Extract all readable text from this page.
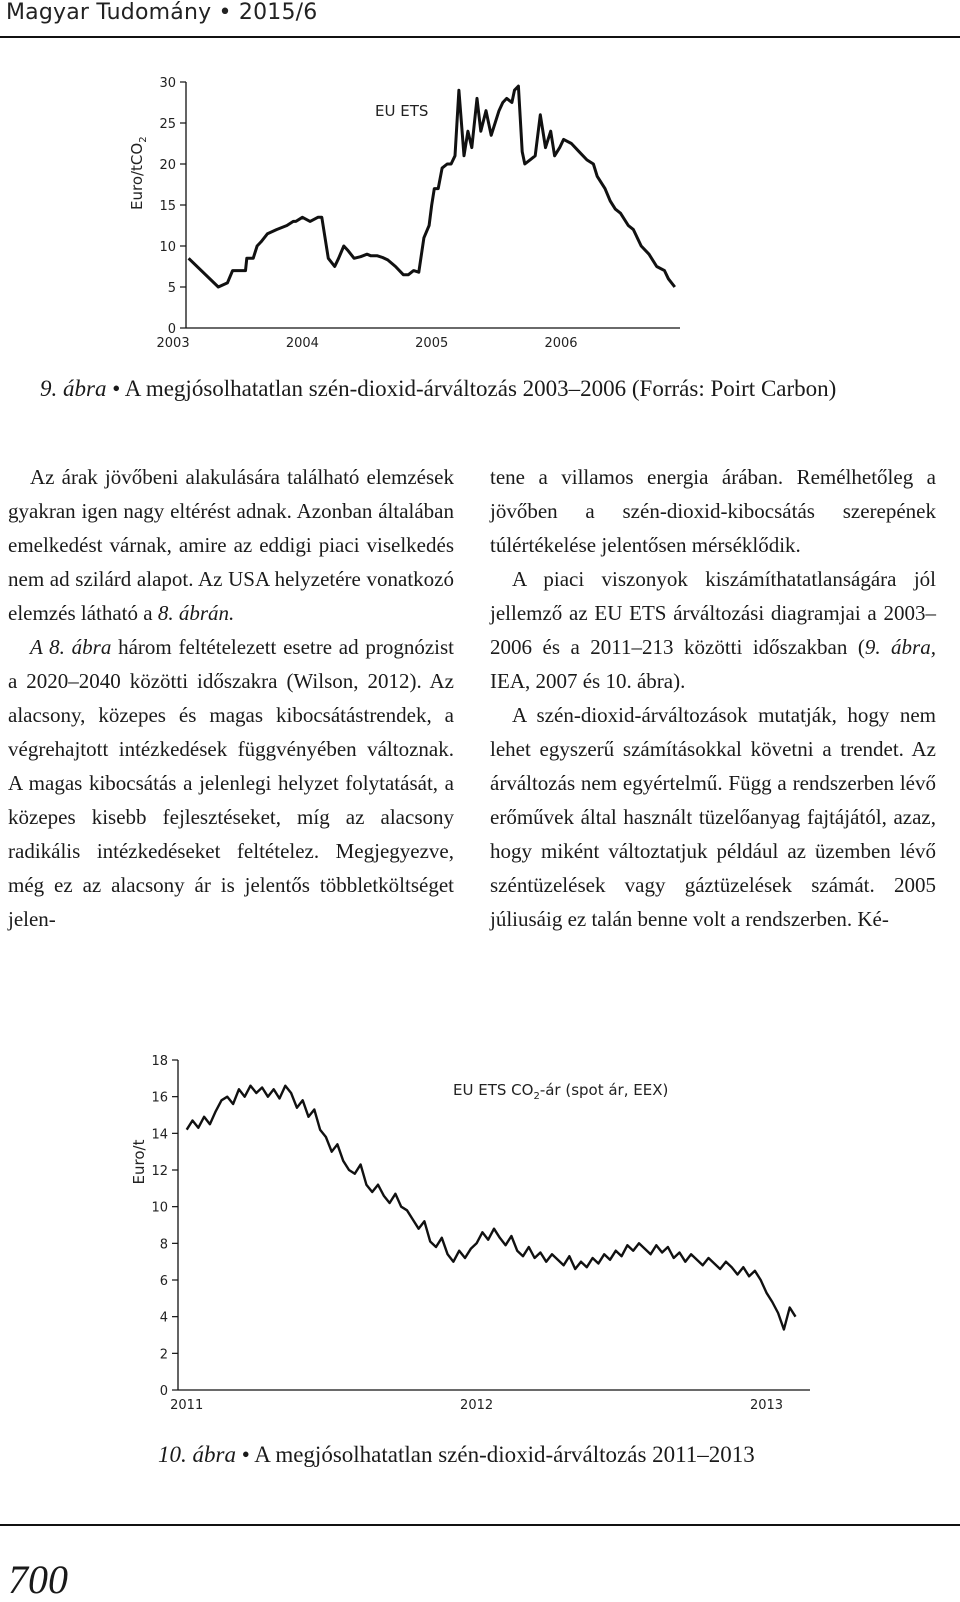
Magyar Tudomány • 2015/6
0
5
10
15
20
25
30
2003	2004	2005	2006
Euro/tCO$_2$
EU ETS
9. ábra • A megjósolhatatlan szén-dioxid-árváltozás 2003–2006 (Forrás: Poirt Carbon)

Az árak jövőbeni alakulására található elemzések gyakran igen nagy eltérést adnak. Azonban általában emelkedést várnak, amire az eddigi piaci viselkedés nem ad szilárd alapot. Az USA helyzetére vonatkozó elemzés látható a 8. ábrán.

A 8. ábra három feltételezett esetre ad prognózist a 2020–2040 közötti időszakra (Wilson, 2012). Az alacsony, közepes és magas kibocsátástrendek, a végrehajtott intézkedések függvényében változnak. A magas kibocsátás a jelenlegi helyzet folytatását, a közepes kisebb fejlesztéseket, míg az alacsony radikális intézkedéseket feltételez. Megjegyezve, még ez az alacsony ár is jelentős többletköltséget jelen-

tene a villamos energia árában. Remélhetőleg a jövőben a szén-dioxid-kibocsátás szerepének túlértékelése jelentősen mérséklődik.

A piaci viszonyok kiszámíthatatlanságára jól jellemző az EU ETS árváltozási diagramjai a 2003–2006 és a 2011–213 közötti időszakban (9. ábra, IEA, 2007 és 10. ábra).

A szén-dioxid-árváltozások mutatják, hogy nem lehet egyszerű számításokkal követni a trendet. Az árváltozás nem egyértelmű. Függ a rendszerben lévő erőművek által használt tüzelőanyag fajtájától, azaz, hogy miként változtatjuk például az üzemben lévő széntüzelések vagy gáztüzelések számát. 2005 júliusáig ez talán benne volt a rendszerben. Ké-

0
2
4
6
8
10
12
14
16
18
2011	2012	2013
Euro/t
EU ETS $CO_2-ár$ (spot ár, EEX)
10. ábra • A megjósolhatatlan szén-dioxid-árváltozás 2011–2013
700
